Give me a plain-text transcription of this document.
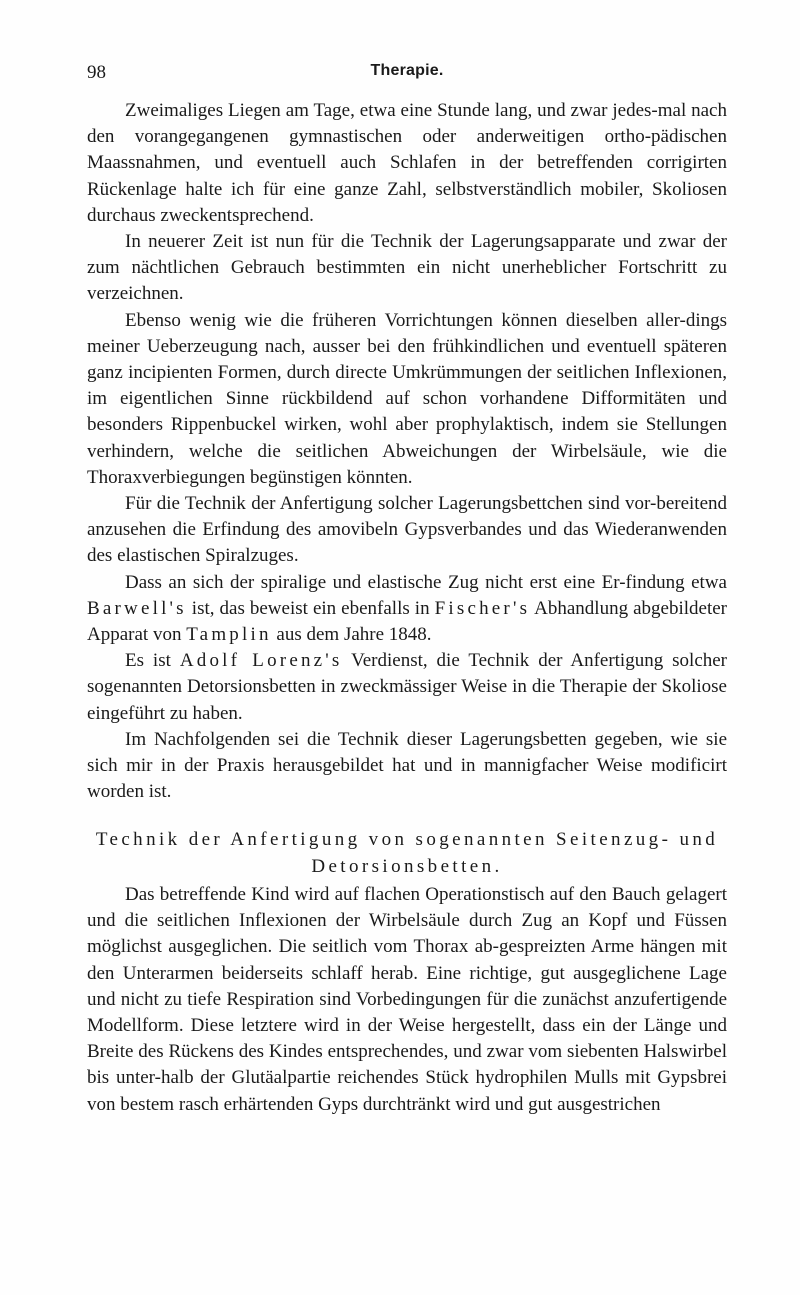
98	Therapie.

Zweimaliges Liegen am Tage, etwa eine Stunde lang, und zwar jedes-mal nach den vorangegangenen gymnastischen oder anderweitigen ortho-pädischen Maassnahmen, und eventuell auch Schlafen in der betreffenden corrigirten Rückenlage halte ich für eine ganze Zahl, selbstverständlich mobiler, Skoliosen durchaus zweckentsprechend.

In neuerer Zeit ist nun für die Technik der Lagerungsapparate und zwar der zum nächtlichen Gebrauch bestimmten ein nicht unerheblicher Fortschritt zu verzeichnen.

Ebenso wenig wie die früheren Vorrichtungen können dieselben aller-dings meiner Ueberzeugung nach, ausser bei den frühkindlichen und eventuell späteren ganz incipienten Formen, durch directe Umkrümmungen der seitlichen Inflexionen, im eigentlichen Sinne rückbildend auf schon vorhandene Difformitäten und besonders Rippenbuckel wirken, wohl aber prophylaktisch, indem sie Stellungen verhindern, welche die seitlichen Abweichungen der Wirbelsäule, wie die Thoraxverbiegungen begünstigen könnten.

Für die Technik der Anfertigung solcher Lagerungsbettchen sind vor-bereitend anzusehen die Erfindung des amovibeln Gypsverbandes und das Wiederanwenden des elastischen Spiralzuges.

Dass an sich der spiralige und elastische Zug nicht erst eine Er-findung etwa Barwell's ist, das beweist ein ebenfalls in Fischer's Abhandlung abgebildeter Apparat von Tamplin aus dem Jahre 1848.

Es ist Adolf Lorenz's Verdienst, die Technik der Anfertigung solcher sogenannten Detorsionsbetten in zweckmässiger Weise in die Therapie der Skoliose eingeführt zu haben.

Im Nachfolgenden sei die Technik dieser Lagerungsbetten gegeben, wie sie sich mir in der Praxis herausgebildet hat und in mannigfacher Weise modificirt worden ist.

Technik der Anfertigung von sogenannten Seitenzug- und
Detorsionsbetten.

Das betreffende Kind wird auf flachen Operationstisch auf den Bauch gelagert und die seitlichen Inflexionen der Wirbelsäule durch Zug an Kopf und Füssen möglichst ausgeglichen. Die seitlich vom Thorax ab-gespreizten Arme hängen mit den Unterarmen beiderseits schlaff herab. Eine richtige, gut ausgeglichene Lage und nicht zu tiefe Respiration sind Vorbedingungen für die zunächst anzufertigende Modellform. Diese letztere wird in der Weise hergestellt, dass ein der Länge und Breite des Rückens des Kindes entsprechendes, und zwar vom siebenten Halswirbel bis unter-halb der Glutäalpartie reichendes Stück hydrophilen Mulls mit Gypsbrei von bestem rasch erhärtenden Gyps durchtränkt wird und gut ausgestrichen
